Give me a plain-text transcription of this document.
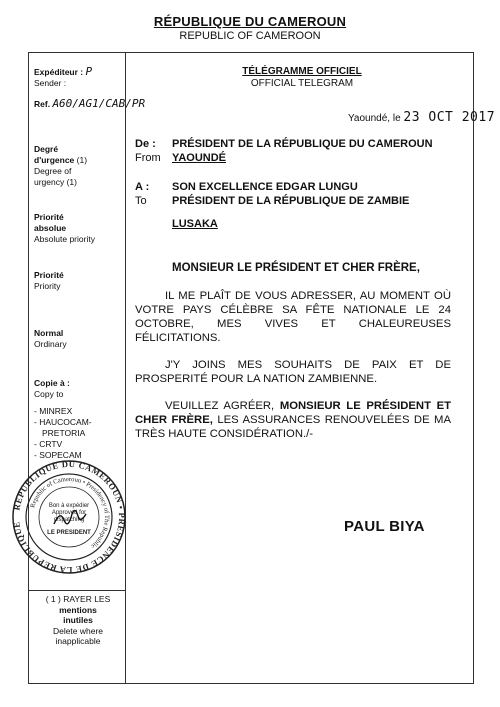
RÉPUBLIQUE DU CAMEROUN
REPUBLIC OF CAMEROON
Expéditeur : P
Sender :
Ref. A60/AG1/CAB/PR
Degré
d'urgence (1)
Degree of
urgency (1)
Priorité
absolue
Absolute priority
Priorité
Priority
Normal
Ordinary
Copie à :
Copy to
- MINREX
- HAUCOCAM-
PRETORIA
- CRTV
- SOPECAM
REPUBLIQUE DU CAMEROUN • PRESIDENCE DE LA REPUBLIQUE
Republic of Cameroun • Presidency of The Republic
Bon à expédier
Approved for
dispatching
LE PRESIDENT
( 1 ) RAYER LES
mentions
inutiles
Delete where
inapplicable
TÉLÉGRAMME OFFICIEL
OFFICIAL TELEGRAM
Yaoundé, le 23 OCT 2017
De :
From
PRÉSIDENT DE LA RÉPUBLIQUE DU CAMEROUN
YAOUNDÉ
A :
To
SON EXCELLENCE EDGAR LUNGU
PRÉSIDENT DE LA RÉPUBLIQUE DE ZAMBIE
LUSAKA
MONSIEUR LE PRÉSIDENT ET CHER FRÈRE,
IL ME PLAÎT DE VOUS ADRESSER, AU MOMENT OÙ VOTRE PAYS CÉLÈBRE SA FÊTE NATIONALE LE 24 OCTOBRE, MES VIVES ET CHALEUREUSES FÉLICITATIONS.
J'Y JOINS MES SOUHAITS DE PAIX ET DE PROSPERITÉ POUR LA NATION ZAMBIENNE.
VEUILLEZ AGRÉER, MONSIEUR LE PRÉSIDENT ET CHER FRÈRE, LES ASSURANCES RENOUVELÉES DE MA TRÈS HAUTE CONSIDÉRATION./-
PAUL BIYA
